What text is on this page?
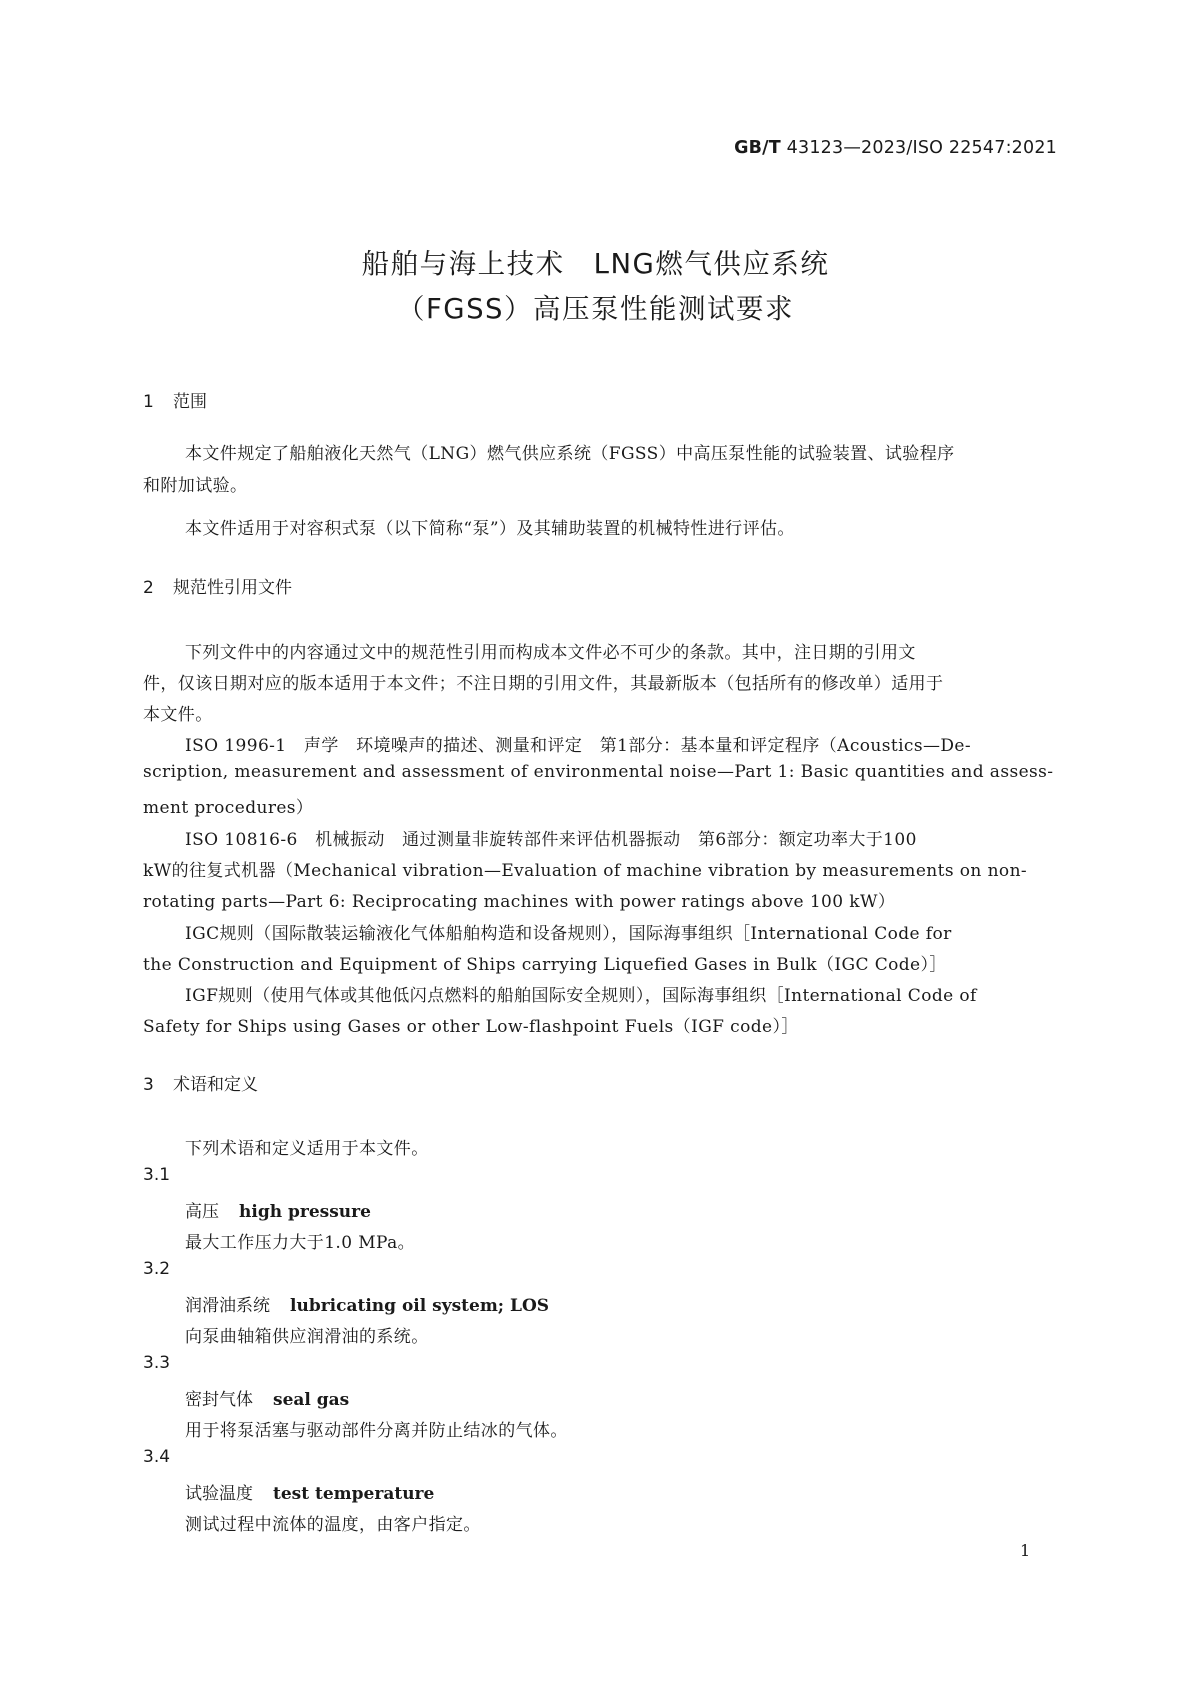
GB/T 43123—2023/ISO 22547:2021
船舶与海上技术　LNG燃气供应系统
（FGSS）高压泵性能测试要求
1 范围
本文件规定了船舶液化天然气（LNG）燃气供应系统（FGSS）中高压泵性能的试验装置、试验程序
和附加试验。
本文件适用于对容积式泵（以下简称“泵”）及其辅助装置的机械特性进行评估。
2 规范性引用文件
下列文件中的内容通过文中的规范性引用而构成本文件必不可少的条款。其中，注日期的引用文
件，仅该日期对应的版本适用于本文件；不注日期的引用文件，其最新版本（包括所有的修改单）适用于
本文件。
ISO 1996-1　声学　环境噪声的描述、测量和评定　第1部分：基本量和评定程序（Acoustics—De-
scription, measurement and assessment of environmental noise—Part 1: Basic quantities and assess-
ment procedures）
ISO 10816-6　机械振动　通过测量非旋转部件来评估机器振动　第6部分：额定功率大于100
kW的往复式机器（Mechanical vibration—Evaluation of machine vibration by measurements on non-
rotating parts—Part 6: Reciprocating machines with power ratings above 100 kW）
IGC规则（国际散装运输液化气体船舶构造和设备规则），国际海事组织［International Code for
the Construction and Equipment of Ships carrying Liquefied Gases in Bulk（IGC Code）］
IGF规则（使用气体或其他低闪点燃料的船舶国际安全规则），国际海事组织［International Code of
Safety for Ships using Gases or other Low-flashpoint Fuels（IGF code）］
3 术语和定义
下列术语和定义适用于本文件。
3.1
高压 high pressure
最大工作压力大于1.0 MPa。
3.2
润滑油系统 lubricating oil system; LOS
向泵曲轴箱供应润滑油的系统。
3.3
密封气体 seal gas
用于将泵活塞与驱动部件分离并防止结冰的气体。
3.4
试验温度 test temperature
测试过程中流体的温度，由客户指定。
1
